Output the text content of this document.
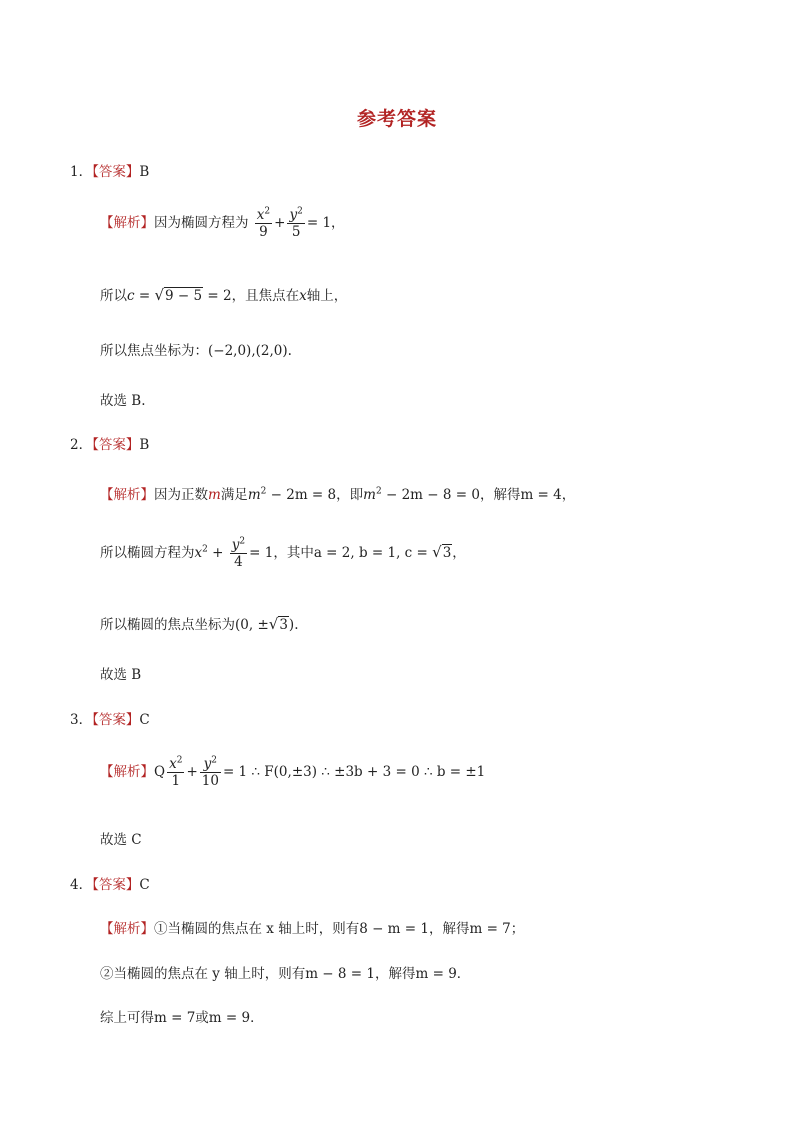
参考答案
1．【答案】B
【解析】因为椭圆方程为 $\frac{x^2}{9} + \frac{y^2}{5} = 1$，
所以c = √9 − 5 = 2，且焦点在x轴上，
所以焦点坐标为：(−2,0),(2,0).
故选 B.
2．【答案】B
【解析】因为正数m满足$m^2 - 2m = 8$，即$m^2 - 2m - 8 = 0$，解得m = 4，
所以椭圆方程为$x^2 + \frac{y^2}{4} = 1$，其中a = 2, b = 1, c = √3，
所以椭圆的焦点坐标为(0, ±√3).
故选 B
3．【答案】C
【解析】Q $\frac{x^2}{1} + \frac{y^2}{10} = 1$ ∴ F(0,±3) ∴ ±3b + 3 = 0 ∴ b = ±1
故选 C
4．【答案】C
【解析】①当椭圆的焦点在 x 轴上时，则有8 − m = 1，解得m = 7；
②当椭圆的焦点在 y 轴上时，则有m − 8 = 1，解得m = 9．
综上可得m = 7或m = 9．
